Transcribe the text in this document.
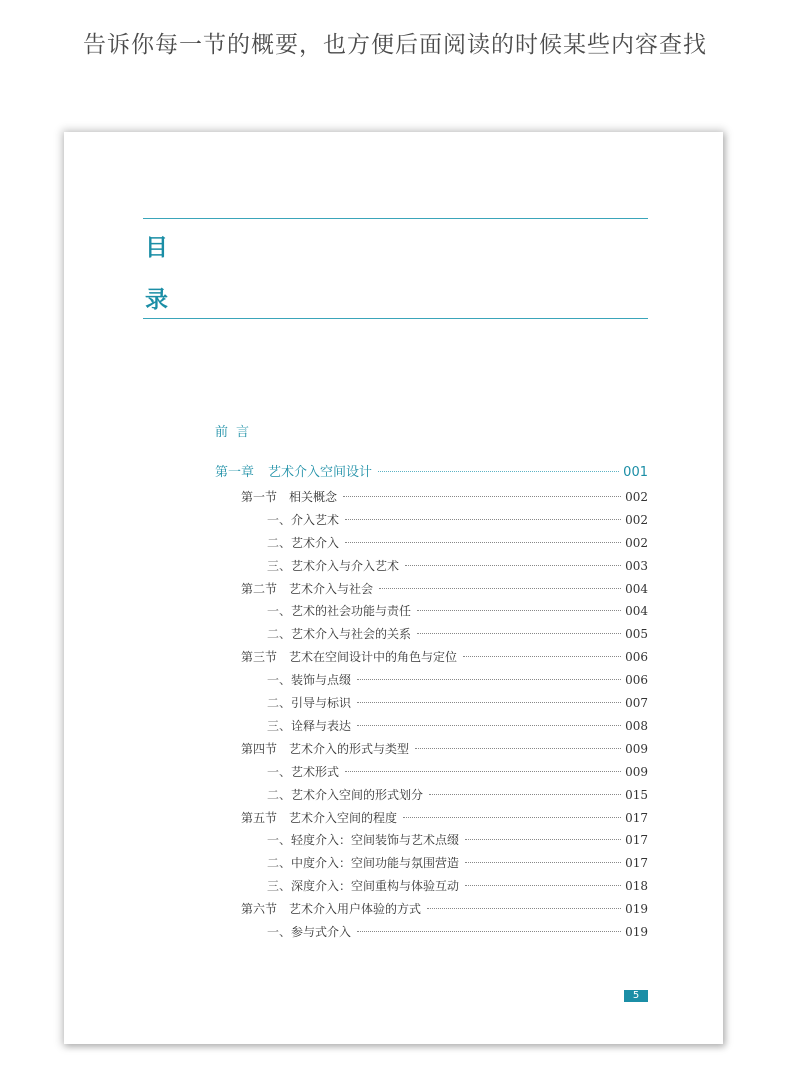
告诉你每一节的概要，也方便后面阅读的时候某些内容查找
目
录
前言
第一章 艺术介入空间设计	001
第一节 相关概念	002
一、介入艺术	002
二、艺术介入	002
三、艺术介入与介入艺术	003
第二节 艺术介入与社会	004
一、艺术的社会功能与责任	004
二、艺术介入与社会的关系	005
第三节 艺术在空间设计中的角色与定位	006
一、装饰与点缀	006
二、引导与标识	007
三、诠释与表达	008
第四节 艺术介入的形式与类型	009
一、艺术形式	009
二、艺术介入空间的形式划分	015
第五节 艺术介入空间的程度	017
一、轻度介入：空间装饰与艺术点缀	017
二、中度介入：空间功能与氛围营造	017
三、深度介入：空间重构与体验互动	018
第六节 艺术介入用户体验的方式	019
一、参与式介入	019
5
